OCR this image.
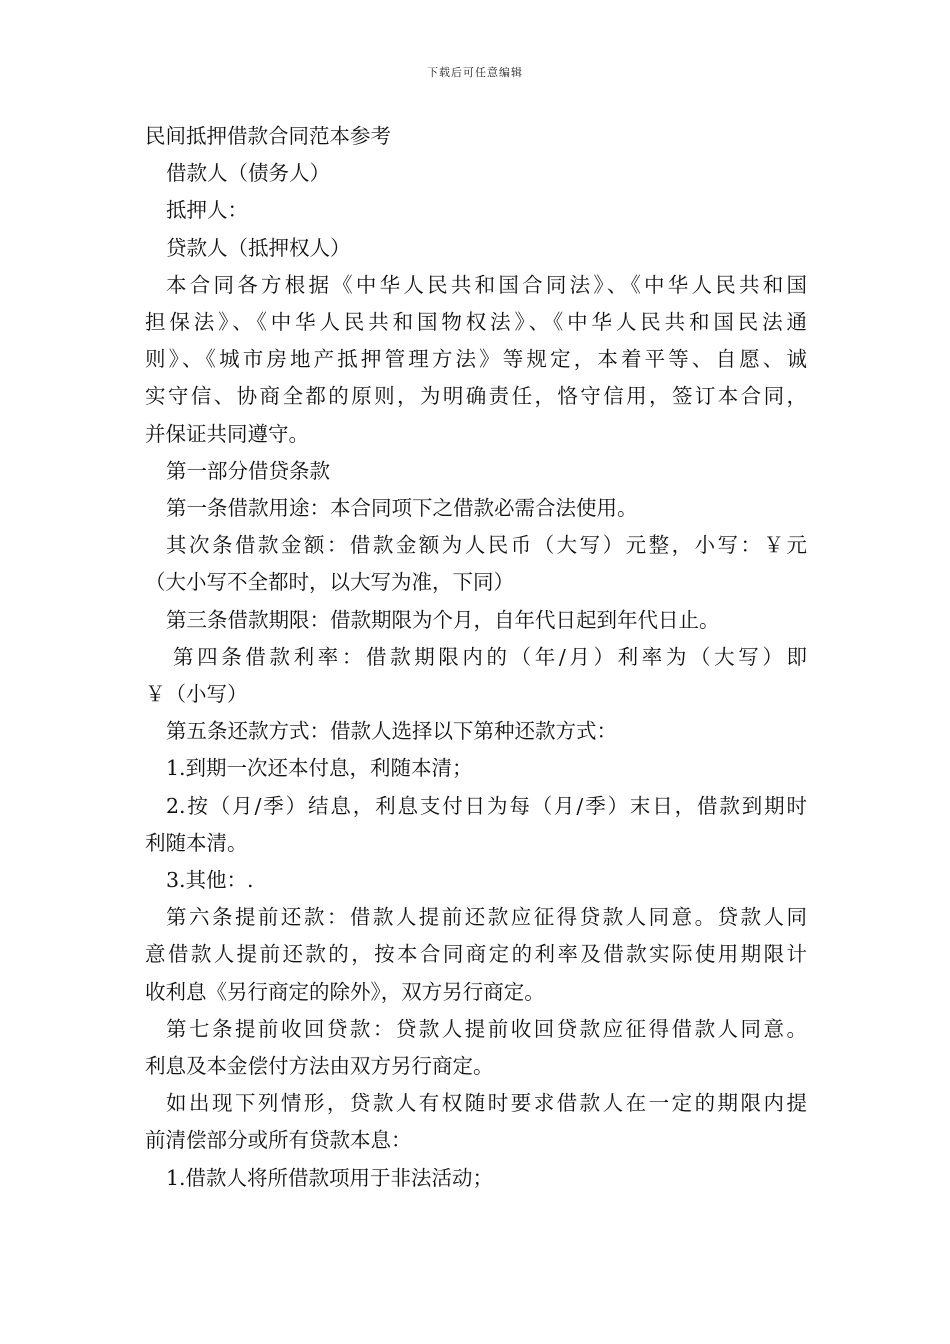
下载后可任意编辑

民间抵押借款合同范本参考

借款人（债务人）

抵押人：

贷款人（抵押权人）

本合同各方根据《中华人民共和国合同法》、《中华人民共和国

担保法》、《中华人民共和国物权法》、《中华人民共和国民法通

则》、《城市房地产抵押管理方法》等规定，本着平等、自愿、诚

实守信、协商全都的原则，为明确责任，恪守信用，签订本合同，

并保证共同遵守。

第一部分借贷条款

第一条借款用途：本合同项下之借款必需合法使用。

其次条借款金额：借款金额为人民币（大写）元整，小写：￥元

（大小写不全都时，以大写为准，下同）

第三条借款期限：借款期限为个月，自年代日起到年代日止。

第四条借款利率：借款期限内的（年/月）利率为（大写）即

￥（小写）

第五条还款方式：借款人选择以下第种还款方式：

1.到期一次还本付息，利随本清；

2.按（月/季）结息，利息支付日为每（月/季）末日，借款到期时

利随本清。

3.其他：.

第六条提前还款：借款人提前还款应征得贷款人同意。贷款人同

意借款人提前还款的，按本合同商定的利率及借款实际使用期限计

收利息《另行商定的除外》，双方另行商定。

第七条提前收回贷款：贷款人提前收回贷款应征得借款人同意。

利息及本金偿付方法由双方另行商定。

如出现下列情形，贷款人有权随时要求借款人在一定的期限内提

前清偿部分或所有贷款本息：

1.借款人将所借款项用于非法活动；
